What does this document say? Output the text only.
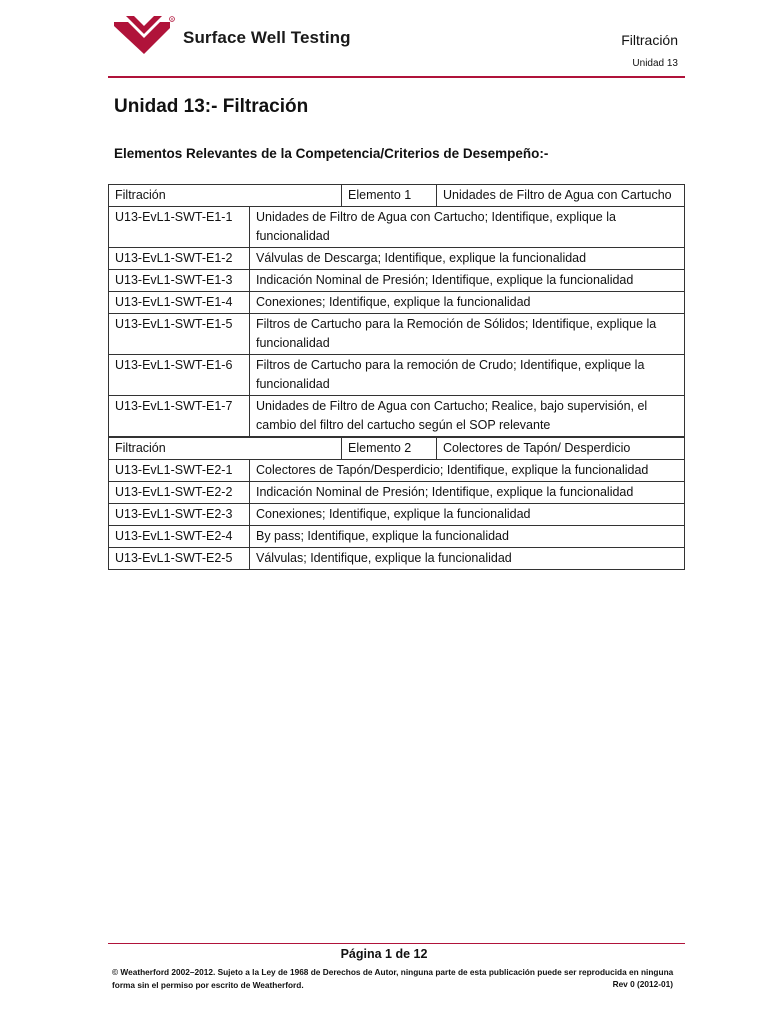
R
Surface Well Testing	Filtración
Unidad 13
Unidad 13:- Filtración
Elementos Relevantes de la Competencia/Criterios de Desempeño:-
Filtración		Elemento 1	Unidades de Filtro de Agua con Cartucho
U13-EvL1-SWT-E1-1	Unidades de Filtro de Agua con Cartucho; Identifique, explique la funcionalidad		
U13-EvL1-SWT-E1-2	Válvulas de Descarga; Identifique, explique la funcionalidad		
U13-EvL1-SWT-E1-3	Indicación Nominal de Presión; Identifique, explique la funcionalidad		
U13-EvL1-SWT-E1-4	Conexiones; Identifique, explique la funcionalidad		
U13-EvL1-SWT-E1-5	Filtros de Cartucho para la Remoción de Sólidos; Identifique, explique la funcionalidad		
U13-EvL1-SWT-E1-6	Filtros de Cartucho para la remoción de Crudo; Identifique, explique la funcionalidad		
U13-EvL1-SWT-E1-7	Unidades de Filtro de Agua con Cartucho; Realice, bajo supervisión, el cambio del filtro del cartucho según el SOP relevante		
Filtración		Elemento 2	Colectores de Tapón/ Desperdicio
U13-EvL1-SWT-E2-1	Colectores de Tapón/Desperdicio; Identifique, explique la funcionalidad		
U13-EvL1-SWT-E2-2	Indicación Nominal de Presión; Identifique, explique la funcionalidad		
U13-EvL1-SWT-E2-3	Conexiones; Identifique, explique la funcionalidad		
U13-EvL1-SWT-E2-4	By pass; Identifique, explique la funcionalidad		
U13-EvL1-SWT-E2-5	Válvulas; Identifique, explique la funcionalidad		
Página 1 de 12
© Weatherford 2002–2012. Sujeto a la Ley de 1968 de Derechos de Autor, ninguna parte de esta publicación puede ser reproducida en ninguna forma sin el permiso por escrito de Weatherford.	Rev 0 (2012-01)
